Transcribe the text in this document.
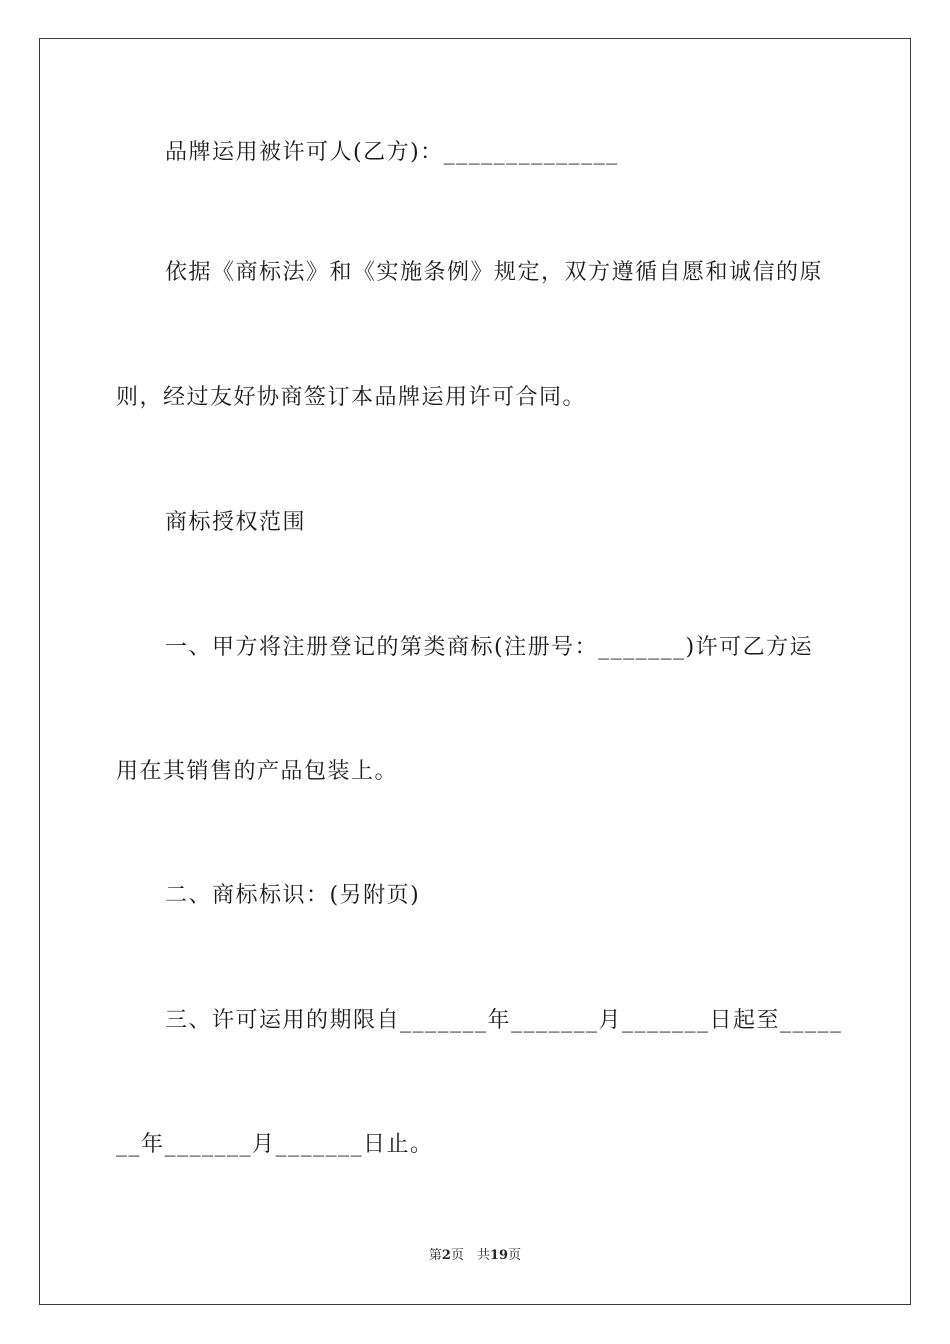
品牌运用被许可人(乙方)：______________
依据《商标法》和《实施条例》规定，双方遵循自愿和诚信的原
则，经过友好协商签订本品牌运用许可合同。
商标授权范围
一、甲方将注册登记的第类商标(注册号：_______)许可乙方运
用在其销售的产品包装上。
二、商标标识：(另附页)
三、许可运用的期限自_______年_______月_______日起至_____
__年_______月_______日止。
第2页　共19页
